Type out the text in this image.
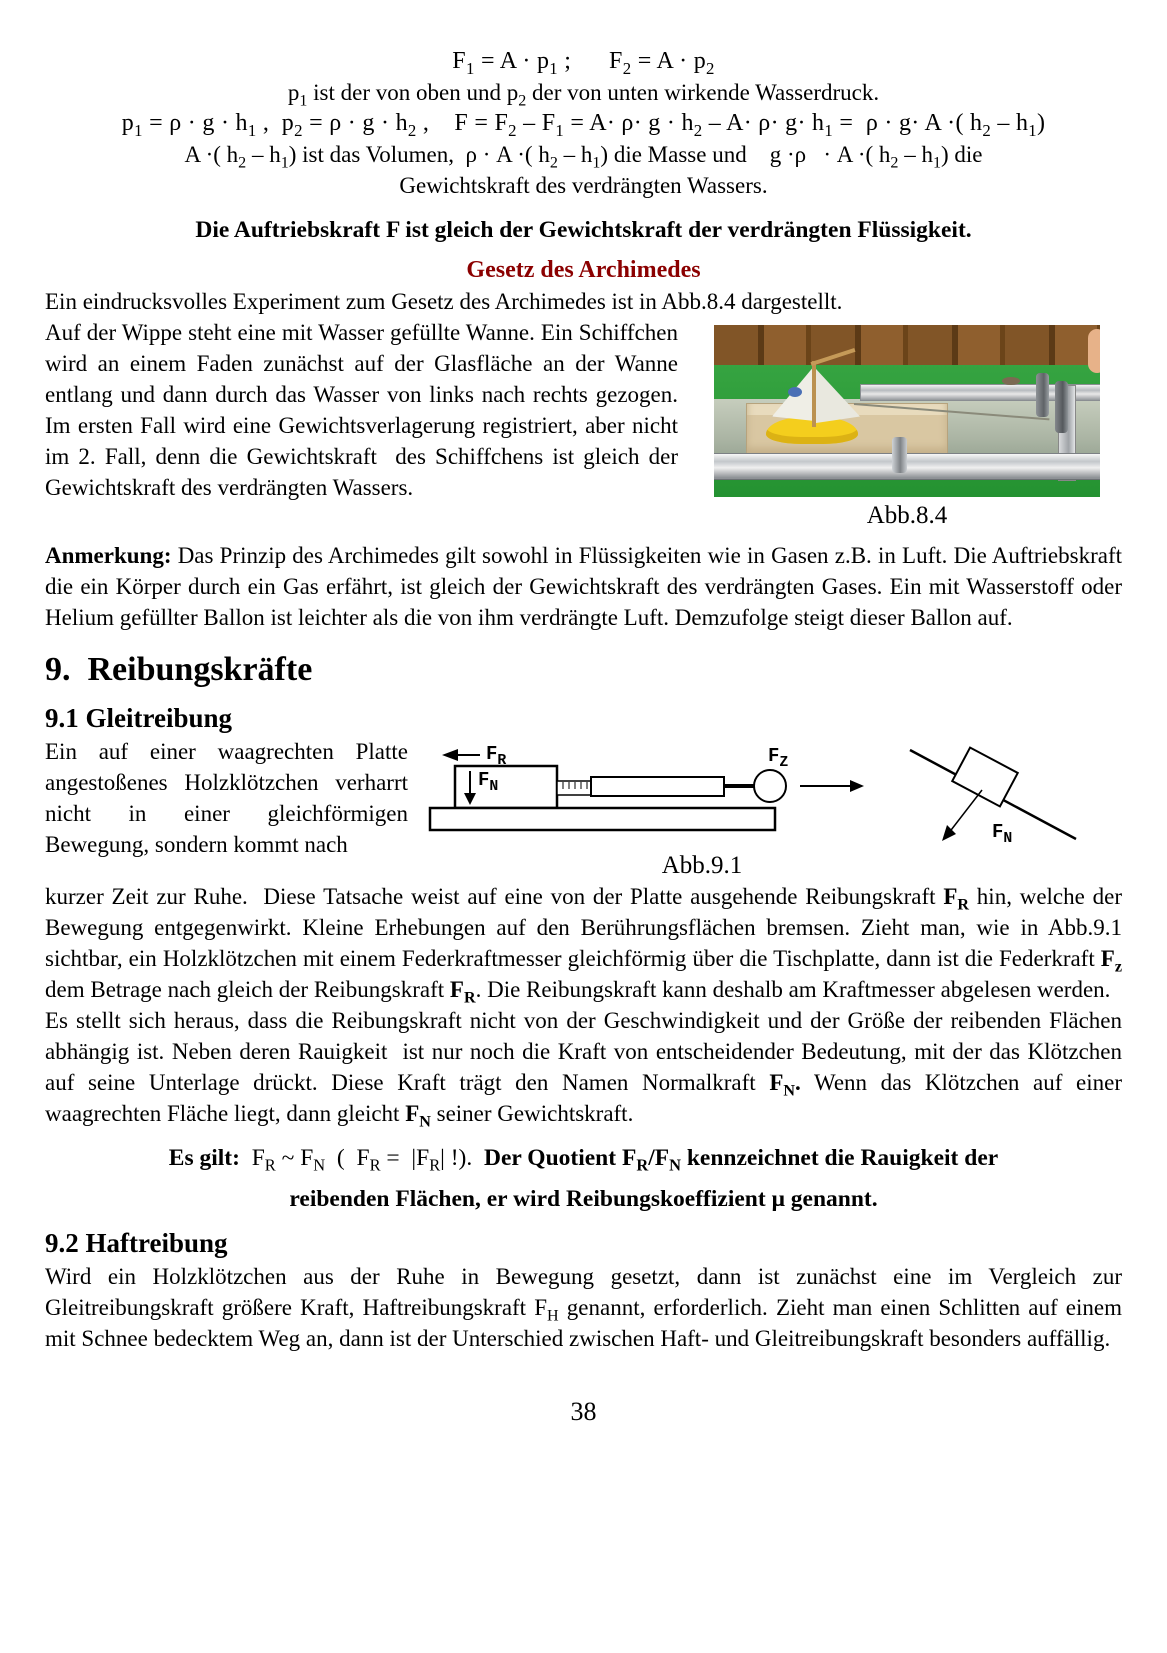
$F_1 = A \cdot p_1$ ;      $F_2 = A \cdot p_2$
$p_1$ ist der von oben und $p_2$ der von unten wirkende Wasserdruck.
$p_1 = \rho \cdot g \cdot h_1$ ,  $p_2 = \rho \cdot g \cdot h_2$ ,    $F = F_2 - F_1 = A\cdot \rho\cdot g \cdot h_2 - A\cdot \rho\cdot g\cdot h_1 = \rho \cdot g\cdot A$ ·( $h_2 - h_1$)
A ·( $h_2 - h_1$) ist das Volumen,  ρ · A ·( $h_2 - h_1$) die Masse und    g ·ρ   · A ·( $h_2 - h_1$) die
Gewichtskraft des verdrängten Wassers.
Die Auftriebskraft F ist gleich der Gewichtskraft der verdrängten Flüssigkeit.
Gesetz des Archimedes
Ein eindrucksvolles Experiment zum Gesetz des Archimedes ist in Abb.8.4 dargestellt.
Abb.8.4
Auf der Wippe steht eine mit Wasser gefüllte Wanne. Ein Schiffchen wird an einem Faden zunächst auf der Glasfläche an der Wanne entlang und dann durch das Wasser von links nach rechts gezogen. Im ersten Fall wird eine Gewichtsverlagerung registriert, aber nicht im 2. Fall, denn die Gewichtskraft  des Schiffchens ist gleich der Gewichtskraft des verdrängten Wassers.
Anmerkung: Das Prinzip des Archimedes gilt sowohl in Flüssigkeiten wie in Gasen z.B. in Luft. Die Auftriebskraft die ein Körper durch ein Gas erfährt, ist gleich der Gewichtskraft des verdrängten Gases. Ein mit Wasserstoff oder Helium gefüllter Ballon ist leichter als die von ihm verdrängte Luft. Demzufolge steigt dieser Ballon auf.
9.  Reibungskräfte
9.1 Gleitreibung
$F_R$
$F_N$
$F_Z$
$F_N$
Abb.9.1
Ein auf einer waagrechten Platte angestoßenes Holzklötzchen verharrt nicht in einer gleichförmigen Bewegung, sondern kommt nach
kurzer Zeit zur Ruhe.  Diese Tatsache weist auf eine von der Platte ausgehende Reibungskraft $F_R$ hin, welche der Bewegung entgegenwirkt. Kleine Erhebungen auf den Berührungsflächen bremsen. Zieht man, wie in Abb.9.1 sichtbar, ein Holzklötzchen mit einem Federkraftmesser gleichförmig über die Tischplatte, dann ist die Federkraft $F_z$ dem Betrage nach gleich der Reibungskraft $F_R$. Die Reibungskraft kann deshalb am Kraftmesser abgelesen werden.
Es stellt sich heraus, dass die Reibungskraft nicht von der Geschwindigkeit und der Größe der reibenden Flächen abhängig ist. Neben deren Rauigkeit  ist nur noch die Kraft von entscheidender Bedeutung, mit der das Klötzchen auf seine Unterlage drückt. Diese Kraft trägt den Namen Normalkraft $F_N$. Wenn das Klötzchen auf einer waagrechten Fläche liegt, dann gleicht $F_N$ seiner Gewichtskraft.
Es gilt:  $F_R$ ~ $F_N$  (  $F_R = |F_R|$ !).  Der Quotient $F_R/F_N$ kennzeichnet die Rauigkeit der
reibenden Flächen, er wird Reibungskoeffizient μ genannt.
9.2 Haftreibung
Wird ein Holzklötzchen aus der Ruhe in Bewegung gesetzt, dann ist zunächst eine im Vergleich zur Gleitreibungskraft größere Kraft, Haftreibungskraft $F_H$ genannt, erforderlich. Zieht man einen Schlitten auf einem mit Schnee bedecktem Weg an, dann ist der Unterschied zwischen Haft- und Gleitreibungskraft besonders auffällig.
38
